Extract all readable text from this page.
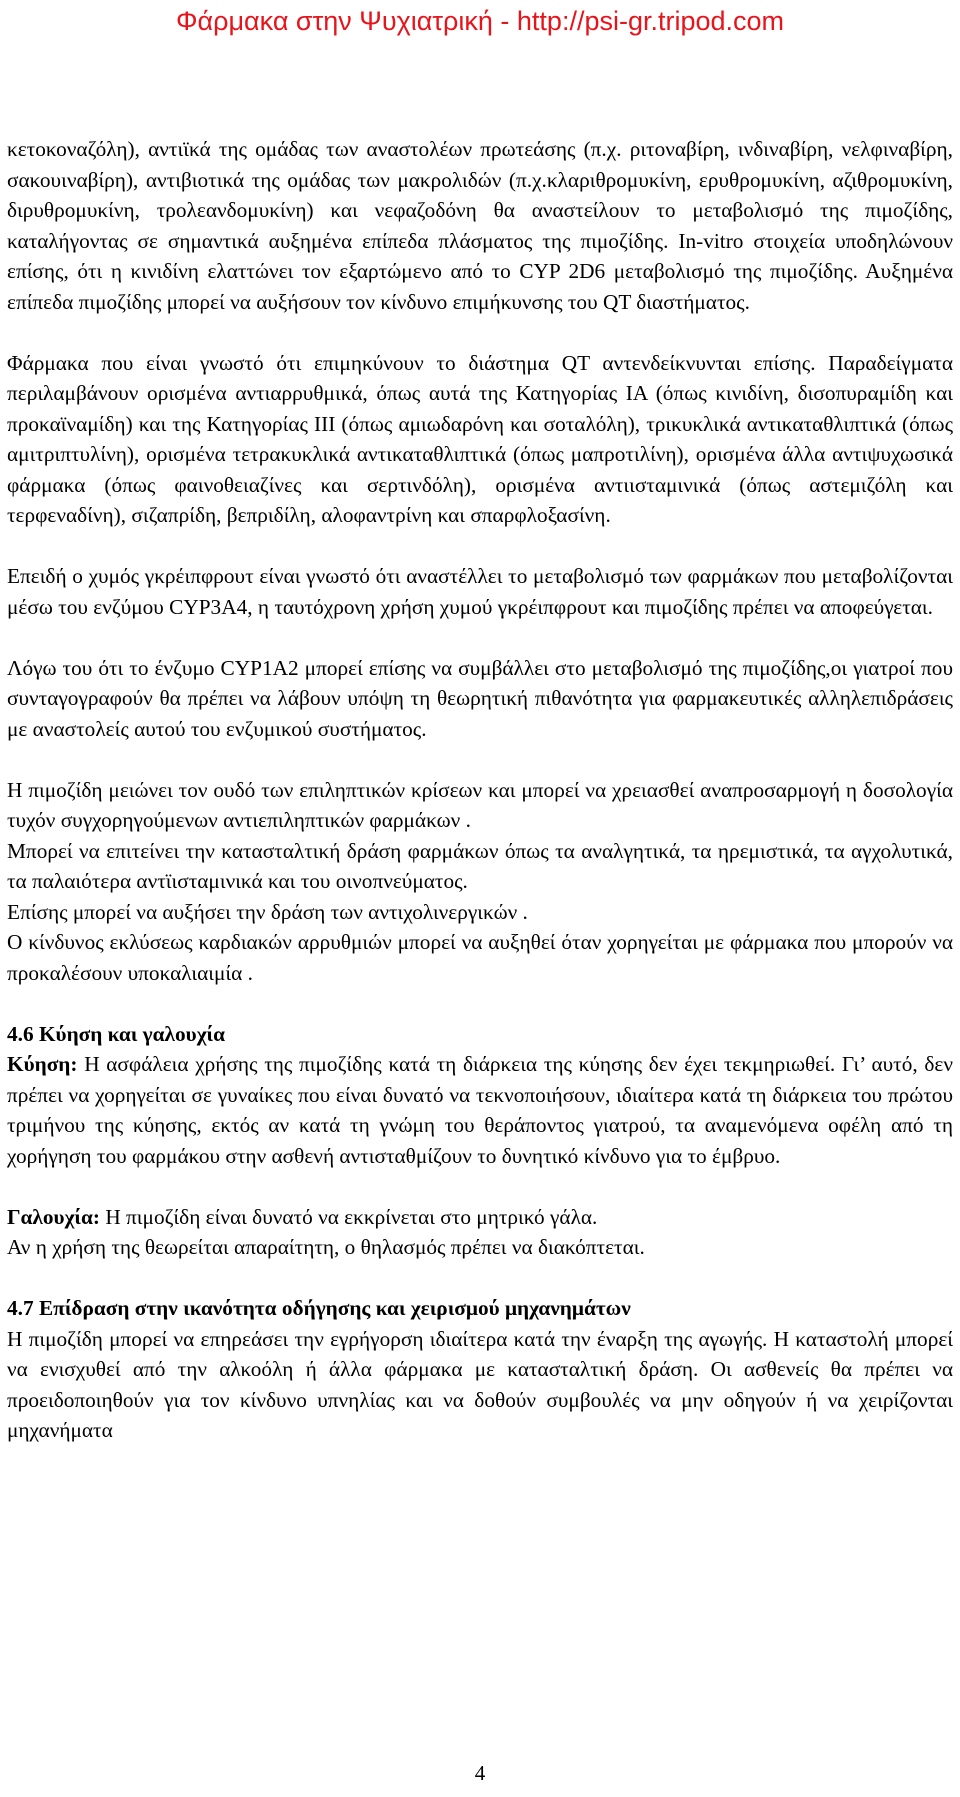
Φάρμακα στην Ψυχιατρική - http://psi-gr.tripod.com

κετοκοναζόλη), αντιϊκά της ομάδας των αναστολέων πρωτεάσης (π.χ. ριτοναβίρη, ινδιναβίρη, νελφιναβίρη, σακουιναβίρη), αντιβιοτικά της ομάδας των μακρολιδών (π.χ.κλαριθρομυκίνη, ερυθρομυκίνη, αζιθρομυκίνη, διρυθρομυκίνη, τρολεανδομυκίνη) και νεφαζοδόνη θα αναστείλουν το μεταβολισμό της πιμοζίδης, καταλήγοντας σε σημαντικά αυξημένα επίπεδα πλάσματος της πιμοζίδης. In-vitro στοιχεία υποδηλώνουν επίσης, ότι η κινιδίνη ελαττώνει τον εξαρτώμενο από το CYP 2D6 μεταβολισμό της πιμοζίδης. Αυξημένα επίπεδα πιμοζίδης μπορεί να αυξήσουν τον κίνδυνο επιμήκυνσης του QT διαστήματος.

Φάρμακα που είναι γνωστό ότι επιμηκύνουν το διάστημα QT αντενδείκνυνται επίσης. Παραδείγματα περιλαμβάνουν ορισμένα αντιαρρυθμικά, όπως αυτά της Κατηγορίας ΙΑ (όπως κινιδίνη, δισοπυραμίδη και προκαϊναμίδη) και της Κατηγορίας ΙΙΙ (όπως αμιωδαρόνη και σοταλόλη), τρικυκλικά αντικαταθλιπτικά (όπως αμιτριπτυλίνη), ορισμένα τετρακυκλικά αντικαταθλιπτικά (όπως μαπροτιλίνη), ορισμένα άλλα αντιψυχωσικά φάρμακα (όπως φαινοθειαζίνες και σερτινδόλη), ορισμένα αντιισταμινικά (όπως αστεμιζόλη και τερφεναδίνη), σιζαπρίδη, βεπριδίλη, αλοφαντρίνη και σπαρφλοξασίνη.

Επειδή ο χυμός γκρέιπφρουτ είναι γνωστό ότι αναστέλλει το μεταβολισμό των φαρμάκων που μεταβολίζονται μέσω του ενζύμου CYP3A4, η ταυτόχρονη χρήση χυμού γκρέιπφρουτ και πιμοζίδης πρέπει να αποφεύγεται.

Λόγω του ότι το ένζυμο CYP1A2 μπορεί επίσης να συμβάλλει στο μεταβολισμό της πιμοζίδης,οι γιατροί που συνταγογραφούν θα πρέπει να λάβουν υπόψη τη θεωρητική πιθανότητα για φαρμακευτικές αλληλεπιδράσεις με αναστολείς αυτού του ενζυμικού συστήματος.

Η πιμοζίδη μειώνει τον ουδό των επιληπτικών κρίσεων και μπορεί να χρειασθεί αναπροσαρμογή η δοσολογία τυχόν συγχορηγούμενων αντιεπιληπτικών φαρμάκων .

Μπορεί να επιτείνει την κατασταλτική δράση φαρμάκων όπως τα αναλγητικά, τα ηρεμιστικά, τα αγχολυτικά, τα παλαιότερα αντϊισταμινικά και του οινοπνεύματος.

Επίσης μπορεί να αυξήσει την δράση των αντιχολινεργικών .

Ο κίνδυνος εκλύσεως καρδιακών αρρυθμιών μπορεί να αυξηθεί όταν χορηγείται με φάρμακα που μπορούν να προκαλέσουν υποκαλιαιμία .

4.6 Κύηση και γαλουχία

Κύηση: Η ασφάλεια χρήσης της πιμοζίδης κατά τη διάρκεια της κύησης δεν έχει τεκμηριωθεί. Γι’ αυτό, δεν πρέπει να χορηγείται σε γυναίκες που είναι δυνατό να τεκνοποιήσουν, ιδιαίτερα κατά τη διάρκεια του πρώτου τριμήνου της κύησης, εκτός αν κατά τη γνώμη του θεράποντος γιατρού, τα αναμενόμενα οφέλη από τη χορήγηση του φαρμάκου στην ασθενή αντισταθμίζουν το δυνητικό κίνδυνο για το έμβρυο.

Γαλουχία: Η πιμοζίδη είναι δυνατό να εκκρίνεται στο μητρικό γάλα.

Αν η χρήση της θεωρείται απαραίτητη, ο θηλασμός πρέπει να διακόπτεται.

4.7 Επίδραση στην ικανότητα οδήγησης και χειρισμού μηχανημάτων

Η πιμοζίδη μπορεί να επηρεάσει την εγρήγορση ιδιαίτερα κατά την έναρξη της αγωγής. Η καταστολή μπορεί να ενισχυθεί από την αλκοόλη ή άλλα φάρμακα με κατασταλτική δράση. Οι ασθενείς θα πρέπει να προειδοποιηθούν για τον κίνδυνο υπνηλίας και να δοθούν συμβουλές να μην οδηγούν ή να χειρίζονται μηχανήματα

4
